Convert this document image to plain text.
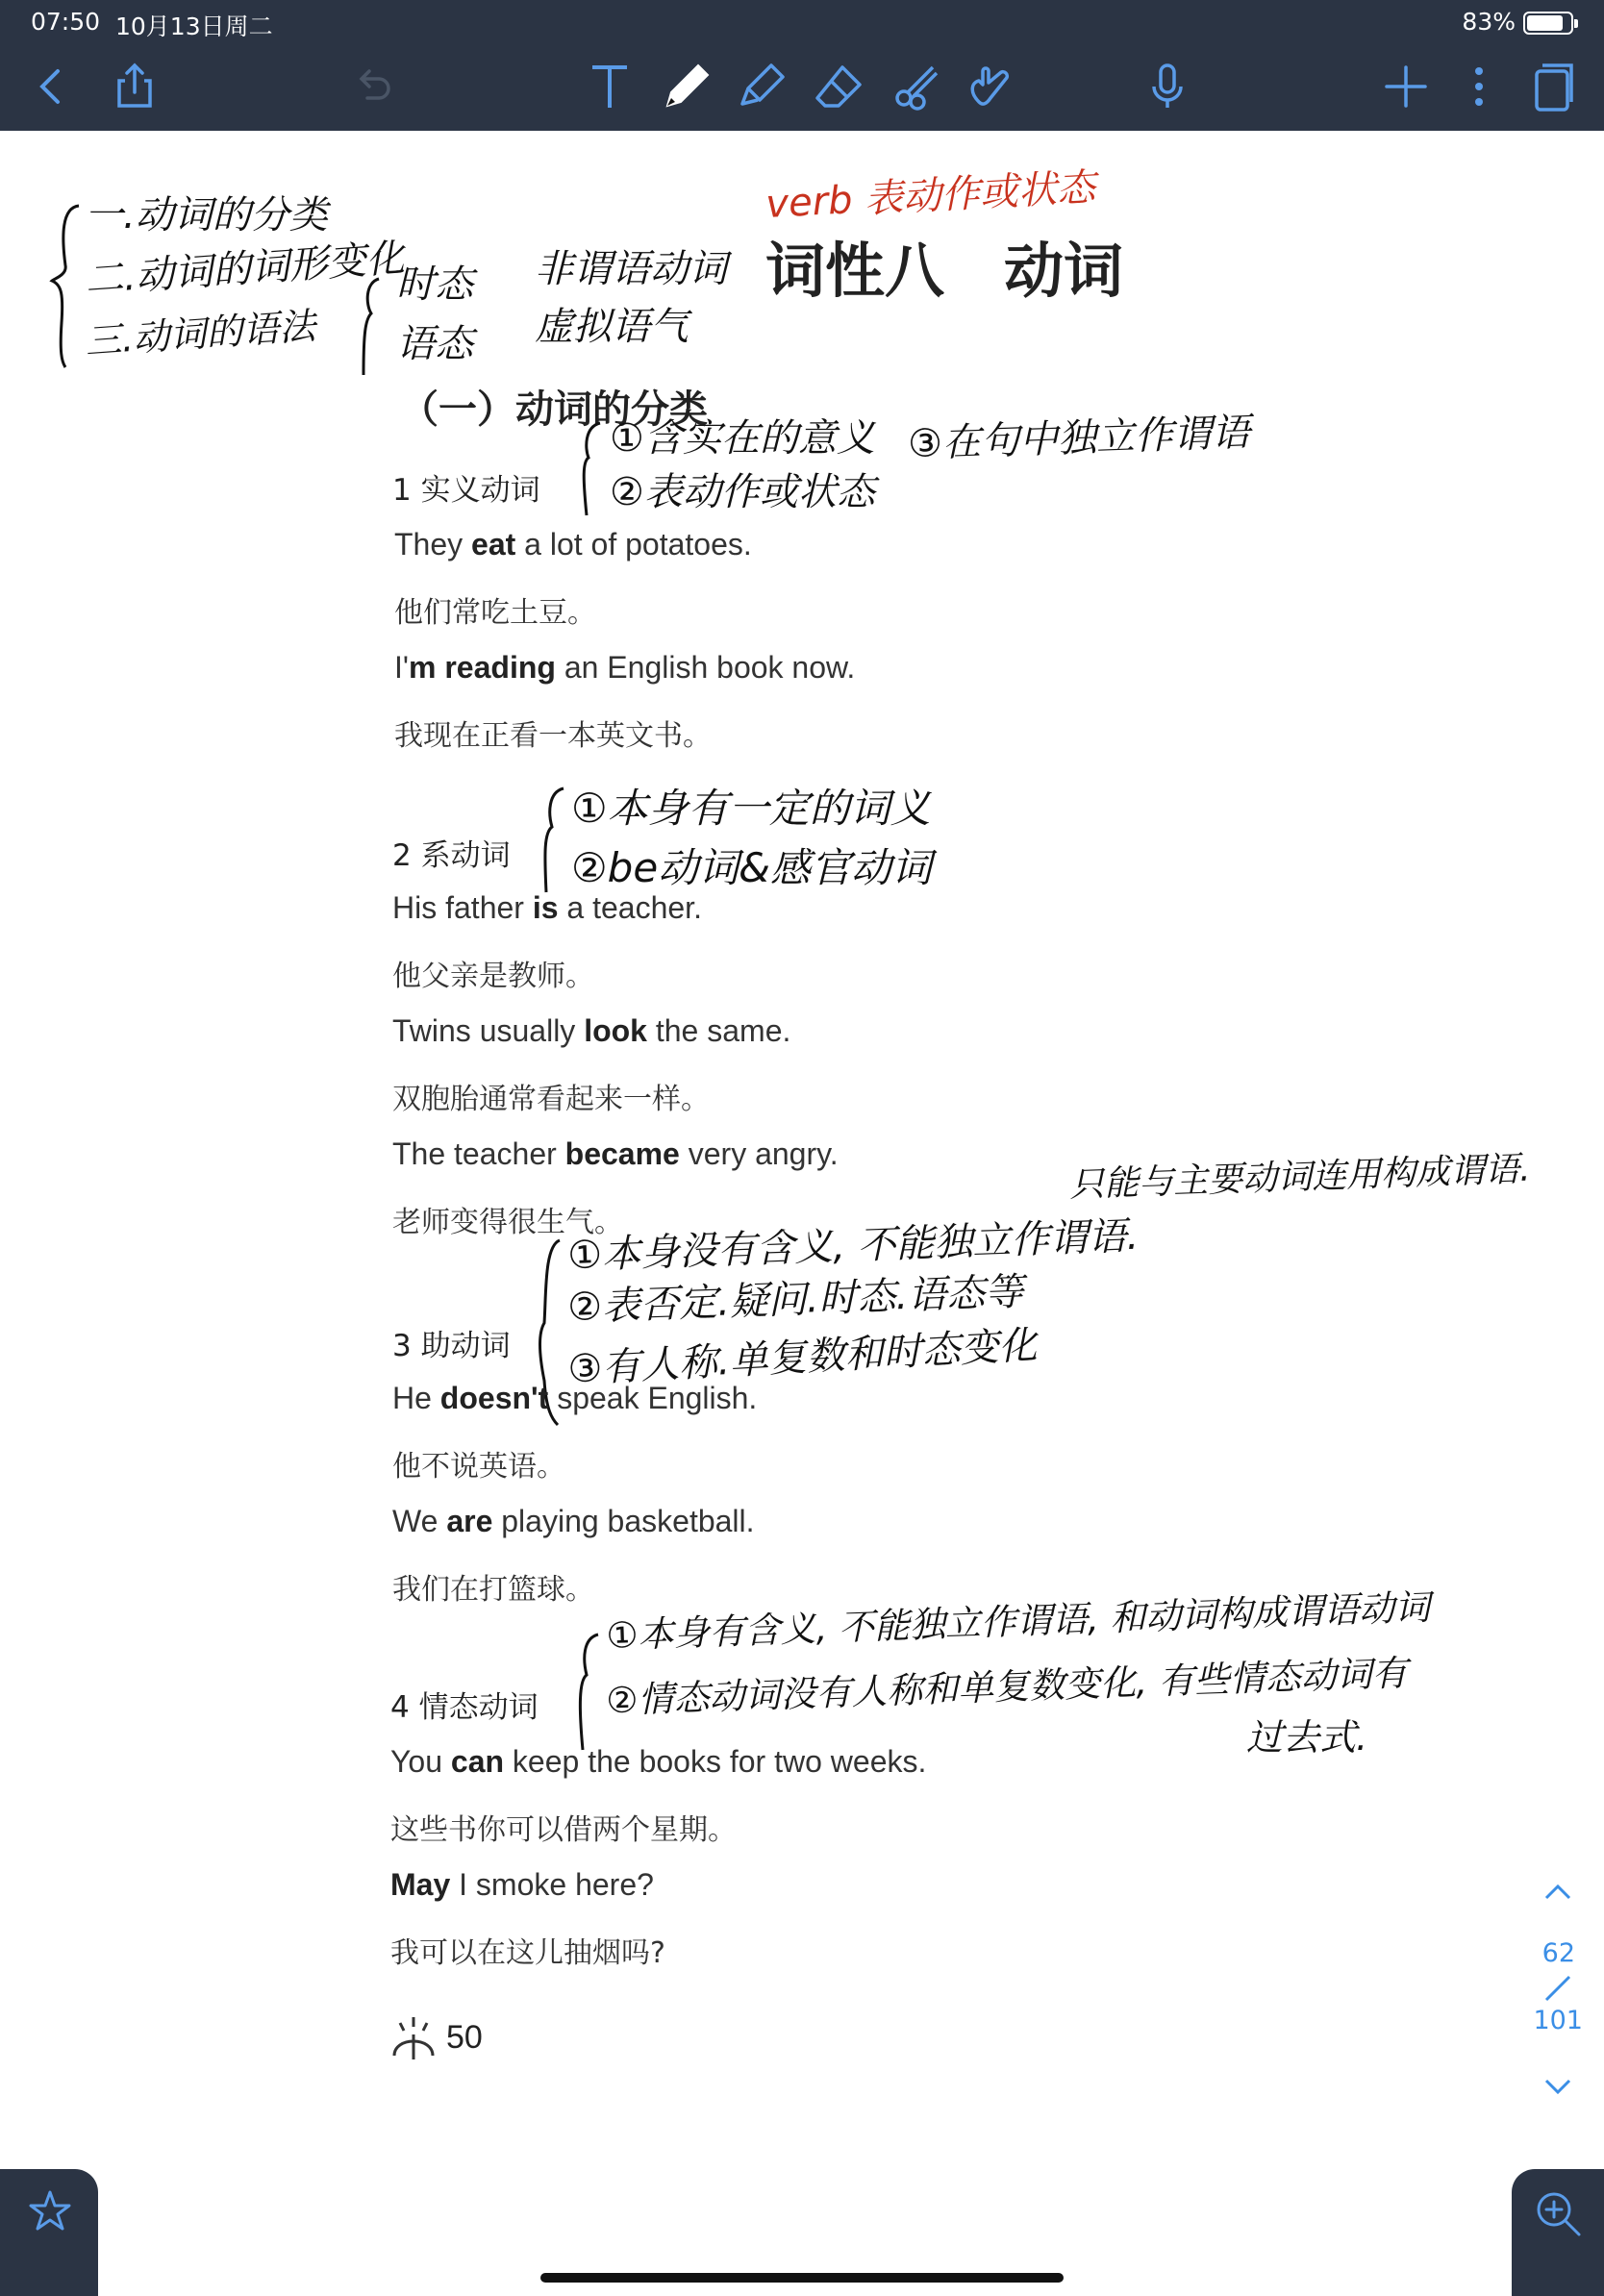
07:50 10月13日周二	83%
一.动词的分类
二.动词的词形变化
三.动词的语法
时态
语态
非谓语动词
虚拟语气
verb 表动作或状态
词性八　动词
（一）动词的分类
1 实义动词
①含实在的意义
②表动作或状态
③在句中独立作谓语
They eat a lot of potatoes.
他们常吃土豆。
I'm reading an English book now.
我现在正看一本英文书。
①本身有一定的词义
②be动词&感官动词
2 系动词
His father is a teacher.
他父亲是教师。
Twins usually look the same.
双胞胎通常看起来一样。
The teacher became very angry.
老师变得很生气。
只能与主要动词连用构成谓语.
①本身没有含义, 不能独立作谓语.
②表否定.疑问.时态.语态等
③有人称.单复数和时态变化
3 助动词
He doesn't speak English.
他不说英语。
We are playing basketball.
我们在打篮球。 ①本身有含义, 不能独立作谓语, 和动词构成谓语动词
②情态动词没有人称和单复数变化, 有些情态动词有
过去式.
4 情态动词
You can keep the books for two weeks.
这些书你可以借两个星期。
May I smoke here?
我可以在这儿抽烟吗?
50
62
101
